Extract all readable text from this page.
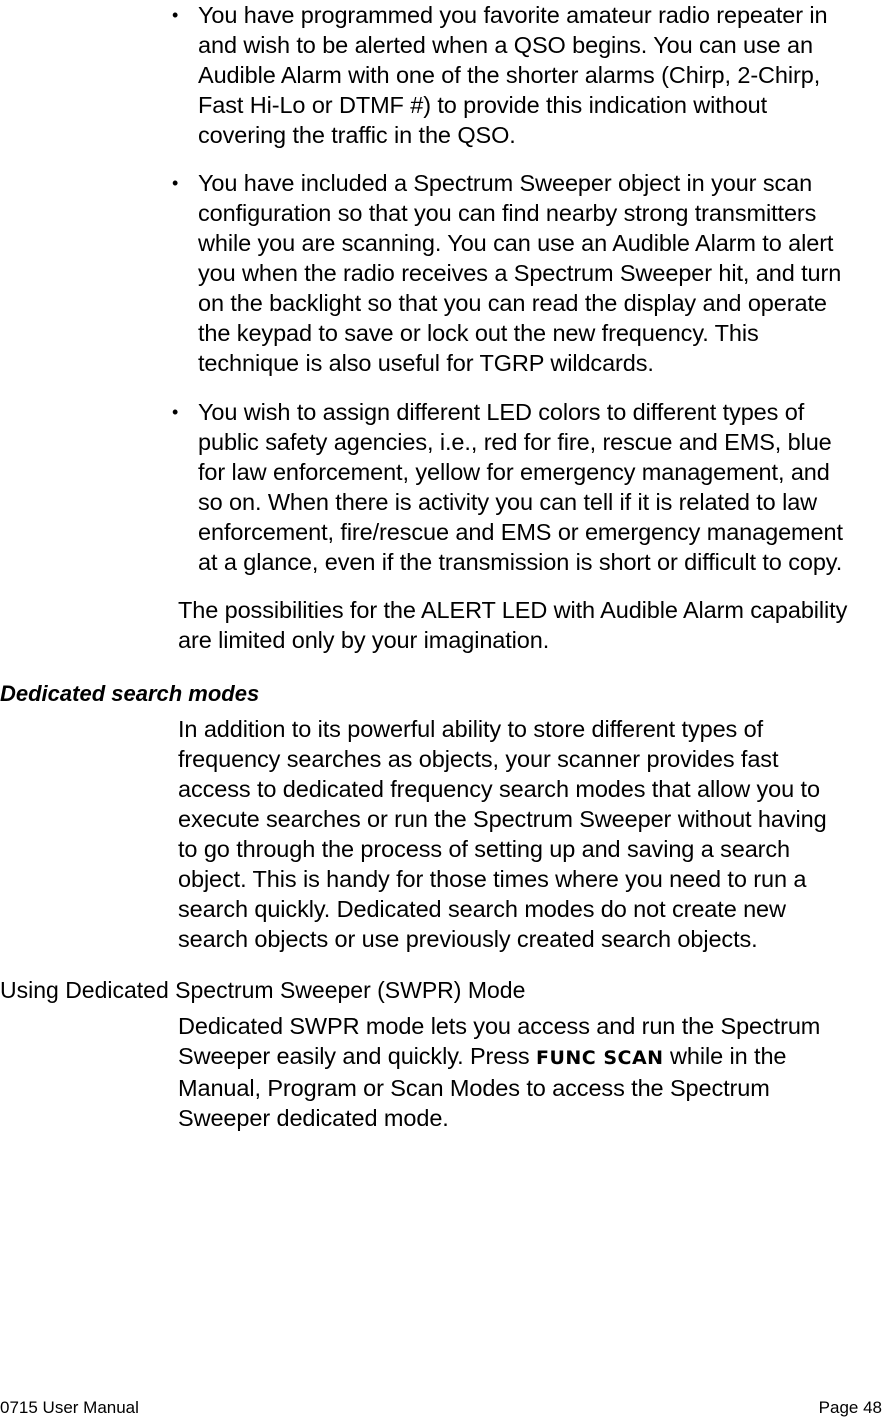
• You have programmed you favorite amateur radio repeater in
and wish to be alerted when a QSO begins. You can use an
Audible Alarm with one of the shorter alarms (Chirp, 2-Chirp,
Fast Hi-Lo or DTMF #) to provide this indication without
covering the traffic in the QSO.
• You have included a Spectrum Sweeper object in your scan
configuration so that you can find nearby strong transmitters
while you are scanning. You can use an Audible Alarm to alert
you when the radio receives a Spectrum Sweeper hit, and turn
on the backlight so that you can read the display and operate
the keypad to save or lock out the new frequency. This
technique is also useful for TGRP wildcards.
• You wish to assign different LED colors to different types of
public safety agencies, i.e., red for fire, rescue and EMS, blue
for law enforcement, yellow for emergency management, and
so on. When there is activity you can tell if it is related to law
enforcement, fire/rescue and EMS or emergency management
at a glance, even if the transmission is short or difficult to copy.
The possibilities for the ALERT LED with Audible Alarm capability
are limited only by your imagination.
Dedicated search modes
In addition to its powerful ability to store different types of
frequency searches as objects, your scanner provides fast
access to dedicated frequency search modes that allow you to
execute searches or run the Spectrum Sweeper without having
to go through the process of setting up and saving a search
object. This is handy for those times where you need to run a
search quickly. Dedicated search modes do not create new
search objects or use previously created search objects.
Using Dedicated Spectrum Sweeper (SWPR) Mode
Dedicated SWPR mode lets you access and run the Spectrum
Sweeper easily and quickly. Press FUNC SCAN while in the
Manual, Program or Scan Modes to access the Spectrum
Sweeper dedicated mode.
0715 User Manual	Page 48
